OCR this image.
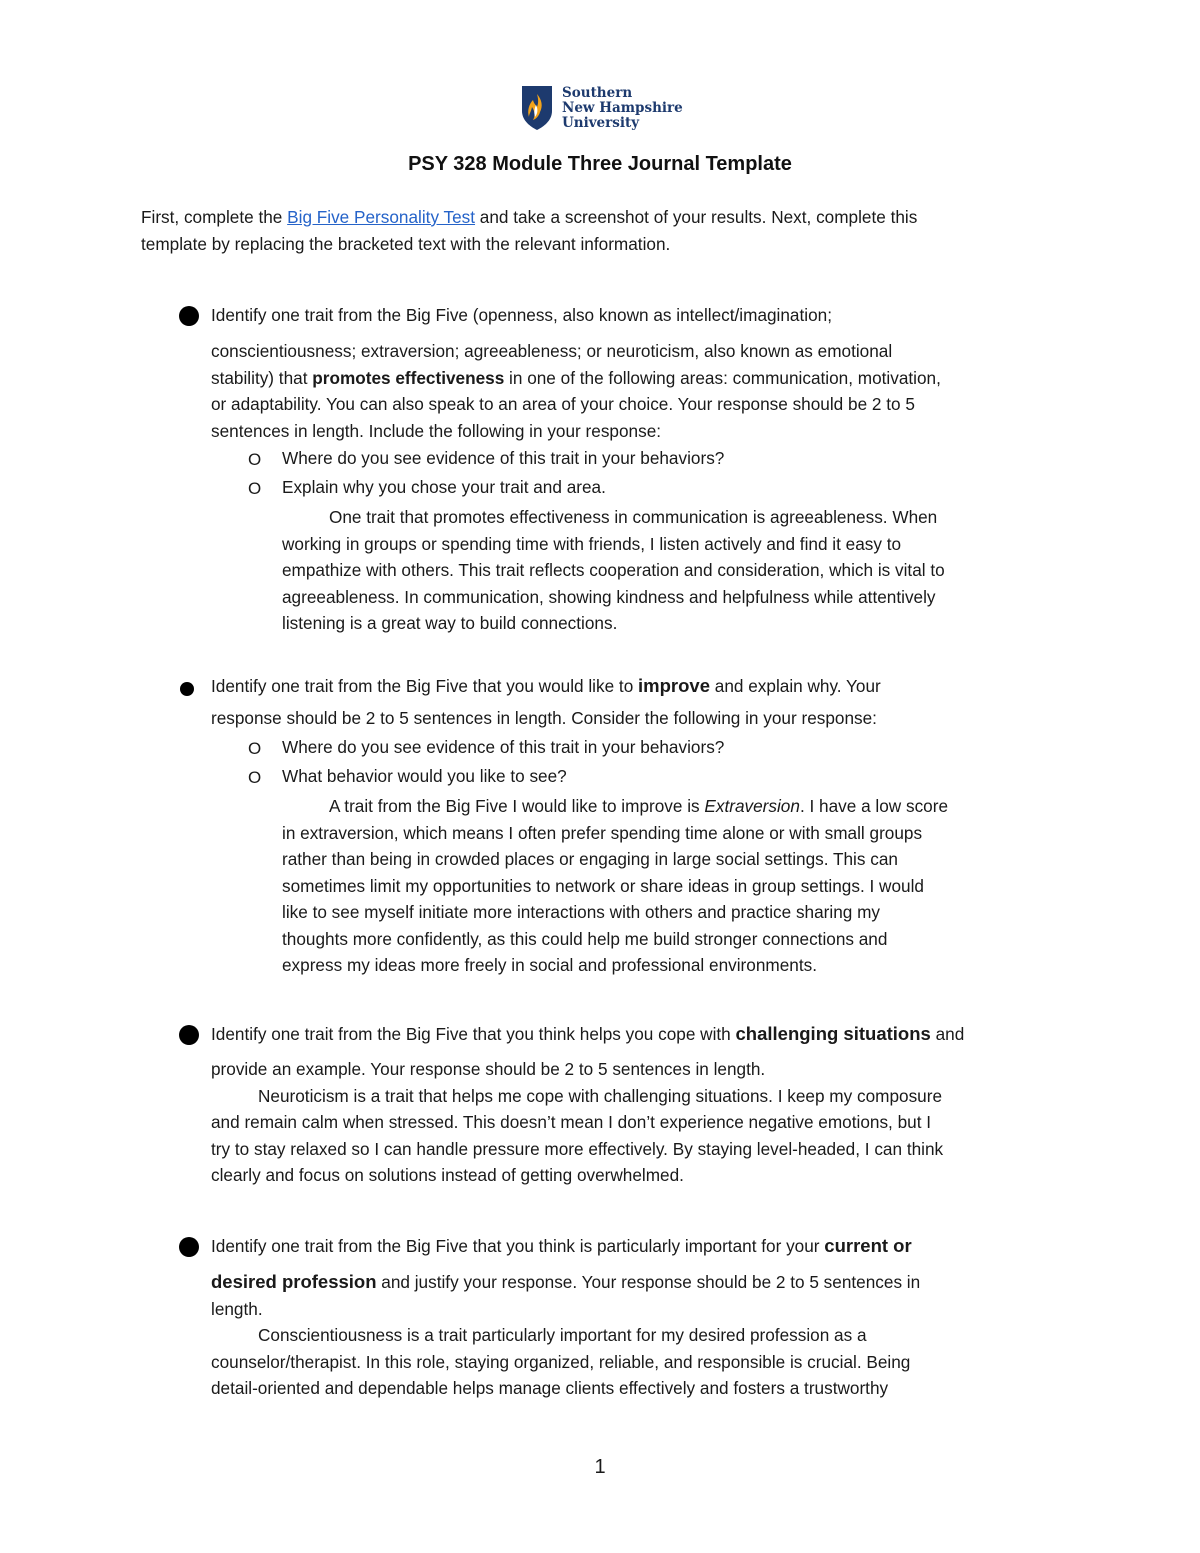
Southern
New Hampshire
University
PSY 328 Module Three Journal Template
First, complete the Big Five Personality Test and take a screenshot of your results. Next, complete this
template by replacing the bracketed text with the relevant information.
Identify one trait from the Big Five (openness, also known as intellect/imagination;
conscientiousness; extraversion; agreeableness; or neuroticism, also known as emotional
stability) that promotes effectiveness in one of the following areas: communication, motivation,
or adaptability. You can also speak to an area of your choice. Your response should be 2 to 5
sentences in length. Include the following in your response:
O Where do you see evidence of this trait in your behaviors?
O Explain why you chose your trait and area.
One trait that promotes effectiveness in communication is agreeableness. When
working in groups or spending time with friends, I listen actively and find it easy to
empathize with others. This trait reflects cooperation and consideration, which is vital to
agreeableness. In communication, showing kindness and helpfulness while attentively
listening is a great way to build connections.
Identify one trait from the Big Five that you would like to improve and explain why. Your
response should be 2 to 5 sentences in length. Consider the following in your response:
O Where do you see evidence of this trait in your behaviors?
O What behavior would you like to see?
A trait from the Big Five I would like to improve is Extraversion. I have a low score
in extraversion, which means I often prefer spending time alone or with small groups
rather than being in crowded places or engaging in large social settings. This can
sometimes limit my opportunities to network or share ideas in group settings. I would
like to see myself initiate more interactions with others and practice sharing my
thoughts more confidently, as this could help me build stronger connections and
express my ideas more freely in social and professional environments.
Identify one trait from the Big Five that you think helps you cope with challenging situations and
provide an example. Your response should be 2 to 5 sentences in length.
Neuroticism is a trait that helps me cope with challenging situations. I keep my composure
and remain calm when stressed. This doesn’t mean I don’t experience negative emotions, but I
try to stay relaxed so I can handle pressure more effectively. By staying level-headed, I can think
clearly and focus on solutions instead of getting overwhelmed.
Identify one trait from the Big Five that you think is particularly important for your current or
desired profession and justify your response. Your response should be 2 to 5 sentences in
length.
Conscientiousness is a trait particularly important for my desired profession as a
counselor/therapist. In this role, staying organized, reliable, and responsible is crucial. Being
detail-oriented and dependable helps manage clients effectively and fosters a trustworthy
1
